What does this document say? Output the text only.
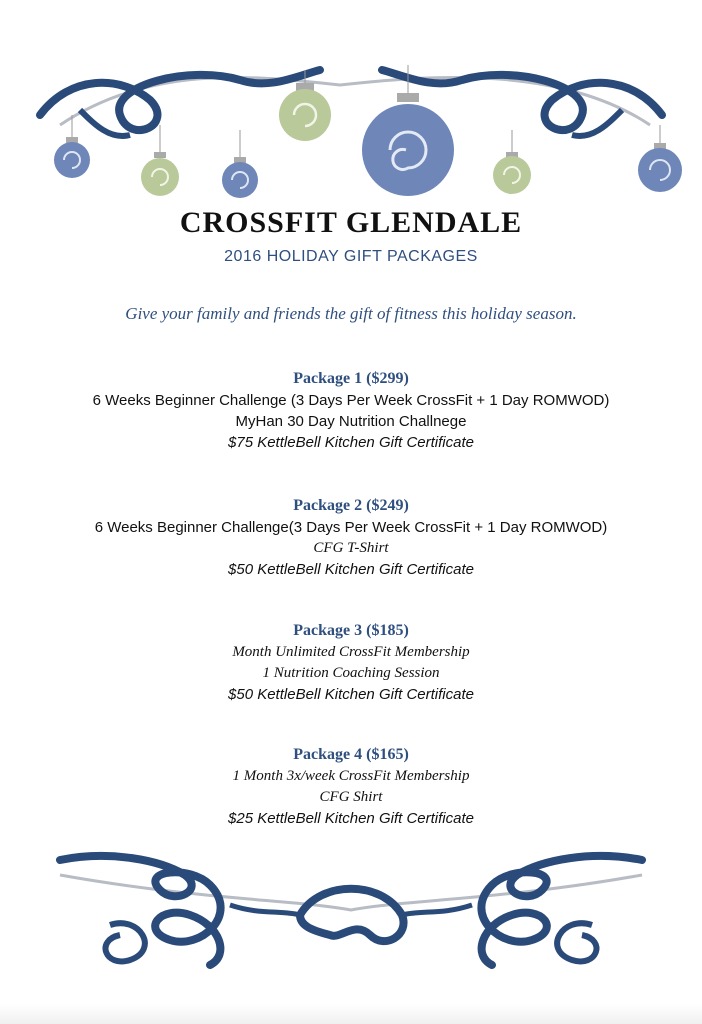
CROSSFIT GLENDALE
2016 HOLIDAY GIFT PACKAGES
Give your family and friends the gift of fitness this holiday season.
Package 1 ($299)
6 Weeks Beginner Challenge (3 Days Per Week CrossFit + 1 Day ROMWOD)
MyHan 30 Day Nutrition Challnege
$75 KettleBell Kitchen Gift Certificate
Package 2 ($249)
6 Weeks Beginner Challenge(3 Days Per Week CrossFit + 1 Day ROMWOD)
CFG T-Shirt
$50 KettleBell Kitchen Gift Certificate
Package 3 ($185)
Month Unlimited CrossFit Membership
1 Nutrition Coaching Session
$50 KettleBell Kitchen Gift Certificate
Package 4 ($165)
1 Month 3x/week CrossFit Membership
CFG Shirt
$25 KettleBell Kitchen Gift Certificate
